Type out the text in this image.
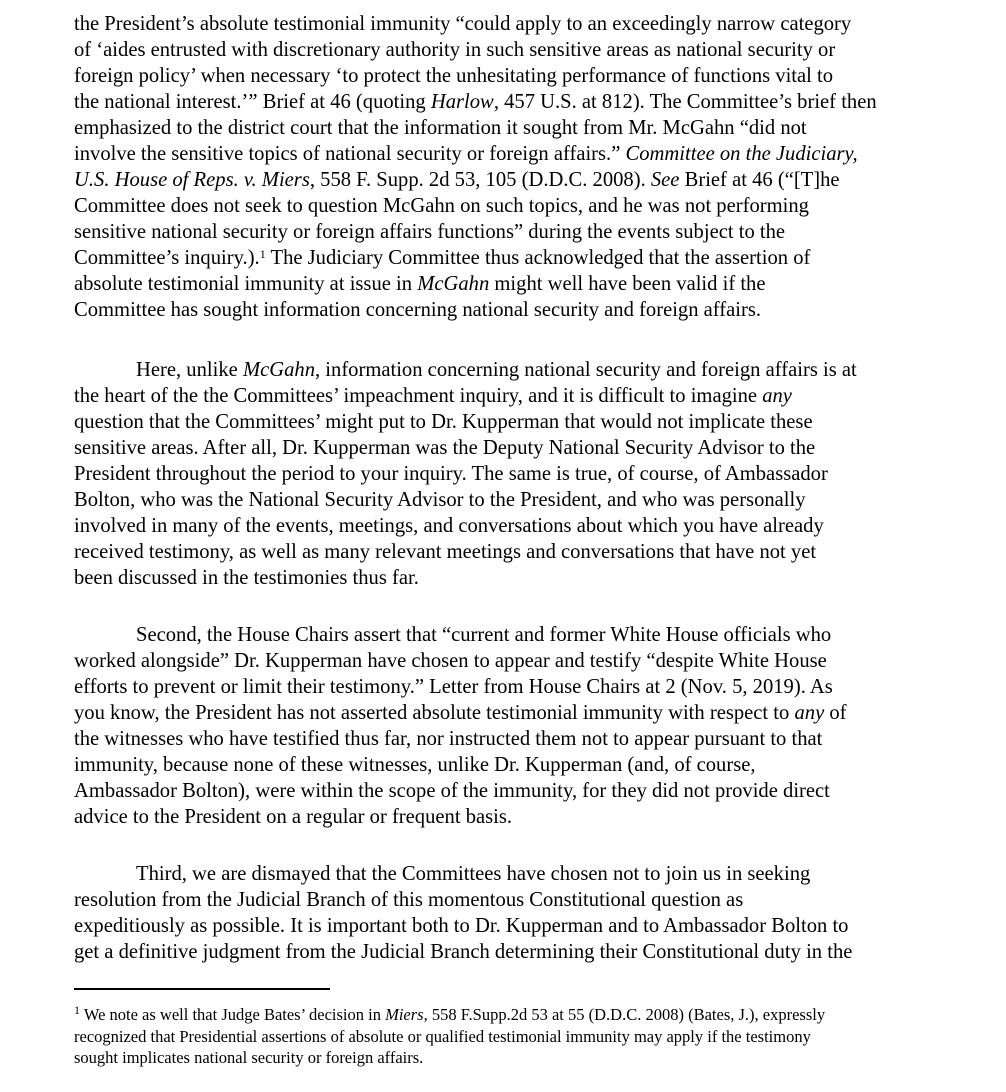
the President’s absolute testimonial immunity “could apply to an exceedingly narrow category
of ‘aides entrusted with discretionary authority in such sensitive areas as national security or
foreign policy’ when necessary ‘to protect the unhesitating performance of functions vital to
the national interest.’” Brief at 46 (quoting Harlow, 457 U.S. at 812). The Committee’s brief then
emphasized to the district court that the information it sought from Mr. McGahn “did not
involve the sensitive topics of national security or foreign affairs.” Committee on the Judiciary,
U.S. House of Reps. v. Miers, 558 F. Supp. 2d 53, 105 (D.D.C. 2008). See Brief at 46 (“[T]he
Committee does not seek to question McGahn on such topics, and he was not performing
sensitive national security or foreign affairs functions” during the events subject to the
Committee’s inquiry.).$^1$ The Judiciary Committee thus acknowledged that the assertion of
absolute testimonial immunity at issue in McGahn might well have been valid if the
Committee has sought information concerning national security and foreign affairs.
Here, unlike McGahn, information concerning national security and foreign affairs is at
the heart of the the Committees’ impeachment inquiry, and it is difficult to imagine any
question that the Committees’ might put to Dr. Kupperman that would not implicate these
sensitive areas. After all, Dr. Kupperman was the Deputy National Security Advisor to the
President throughout the period to your inquiry. The same is true, of course, of Ambassador
Bolton, who was the National Security Advisor to the President, and who was personally
involved in many of the events, meetings, and conversations about which you have already
received testimony, as well as many relevant meetings and conversations that have not yet
been discussed in the testimonies thus far.
Second, the House Chairs assert that “current and former White House officials who
worked alongside” Dr. Kupperman have chosen to appear and testify “despite White House
efforts to prevent or limit their testimony.” Letter from House Chairs at 2 (Nov. 5, 2019). As
you know, the President has not asserted absolute testimonial immunity with respect to any of
the witnesses who have testified thus far, nor instructed them not to appear pursuant to that
immunity, because none of these witnesses, unlike Dr. Kupperman (and, of course,
Ambassador Bolton), were within the scope of the immunity, for they did not provide direct
advice to the President on a regular or frequent basis.
Third, we are dismayed that the Committees have chosen not to join us in seeking
resolution from the Judicial Branch of this momentous Constitutional question as
expeditiously as possible. It is important both to Dr. Kupperman and to Ambassador Bolton to
get a definitive judgment from the Judicial Branch determining their Constitutional duty in the
$^1$ We note as well that Judge Bates’ decision in Miers, 558 F.Supp.2d 53 at 55 (D.D.C. 2008) (Bates, J.), expressly
recognized that Presidential assertions of absolute or qualified testimonial immunity may apply if the testimony
sought implicates national security or foreign affairs.
